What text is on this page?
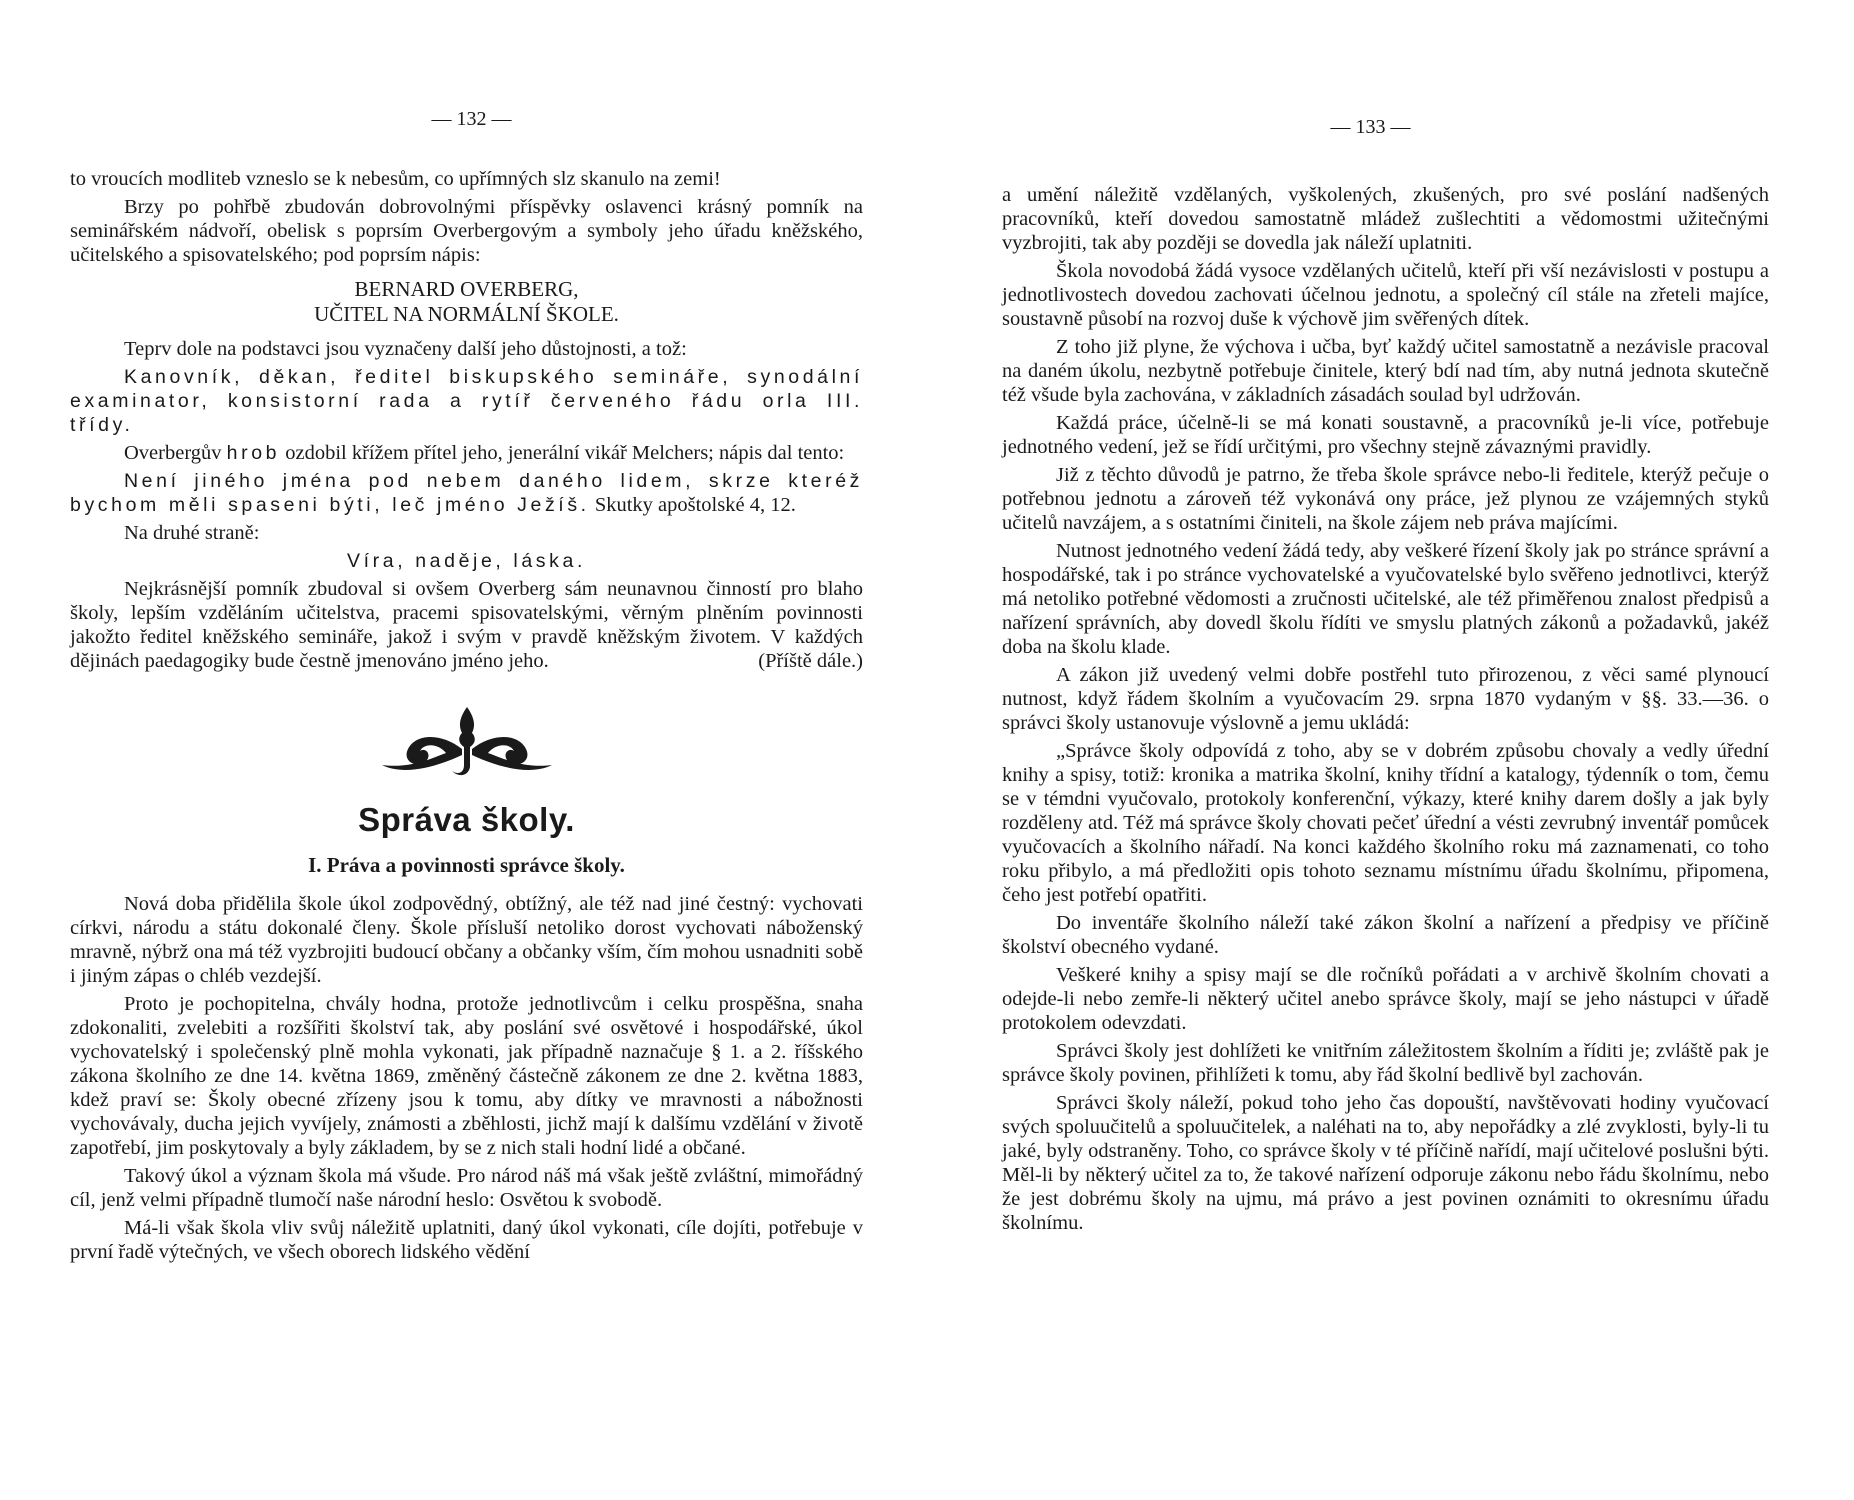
— 132 —

to vroucích modliteb vzneslo se k nebesům, co upřímných slz skanulo na zemi!

Brzy po pohřbě zbudován dobrovolnými příspěvky oslavenci krásný pomník na seminářském nádvoří, obelisk s poprsím Overbergovým a symboly jeho úřadu kněžského, učitelského a spisovatelského; pod poprsím nápis:

BERNARD OVERBERG,
UČITEL NA NORMÁLNÍ ŠKOLE.

Teprv dole na podstavci jsou vyznačeny další jeho důstojnosti, a tož:

Kanovník, děkan, ředitel biskupského semináře, synodální examinator, konsistorní rada a rytíř červeného řádu orla III. třídy.

Overbergův hrob ozdobil křížem přítel jeho, jenerální vikář Melchers; nápis dal tento:

Není jiného jména pod nebem daného lidem, skrze kteréž bychom měli spaseni býti, leč jméno Ježíš. Skutky apoštolské 4, 12.

Na druhé straně:

Víra, naděje, láska.

Nejkrásnější pomník zbudoval si ovšem Overberg sám neunavnou činností pro blaho školy, lepším vzděláním učitelstva, pracemi spisovatelskými, věrným plněním povinnosti jakožto ředitel kněžského semináře, jakož i svým v pravdě kněžským životem. V každých dějinách paedagogiky bude čestně jmenováno jméno jeho.	(Příště dále.)

Správa školy.
I. Práva a povinnosti správce školy.

Nová doba přidělila škole úkol zodpovědný, obtížný, ale též nad jiné čestný: vychovati církvi, národu a státu dokonalé členy. Škole přísluší netoliko dorost vychovati náboženský mravně, nýbrž ona má též vyzbrojiti budoucí občany a občanky vším, čím mohou usnadniti sobě i jiným zápas o chléb vezdejší.

Proto je pochopitelna, chvály hodna, protože jednotlivcům i celku prospěšna, snaha zdokonaliti, zvelebiti a rozšířiti školství tak, aby poslání své osvětové i hospodářské, úkol vychovatelský i společenský plně mohla vykonati, jak případně naznačuje § 1. a 2. říšského zákona školního ze dne 14. května 1869, změněný částečně zákonem ze dne 2. května 1883, kdež praví se: Školy obecné zřízeny jsou k tomu, aby dítky ve mravnosti a nábožnosti vychovávaly, ducha jejich vyvíjely, známosti a zběhlosti, jichž mají k dalšímu vzdělání v životě zapotřebí, jim poskytovaly a byly základem, by se z nich stali hodní lidé a občané.

Takový úkol a význam škola má všude. Pro národ náš má však ještě zvláštní, mimořádný cíl, jenž velmi případně tlumočí naše národní heslo: Osvětou k svobodě.

Má-li však škola vliv svůj náležitě uplatniti, daný úkol vykonati, cíle dojíti, potřebuje v první řadě výtečných, ve všech oborech lidského vědění

— 133 —

a umění náležitě vzdělaných, vyškolených, zkušených, pro své poslání nadšených pracovníků, kteří dovedou samostatně mládež zušlechtiti a vědomostmi užitečnými vyzbrojiti, tak aby později se dovedla jak náleží uplatniti.

Škola novodobá žádá vysoce vzdělaných učitelů, kteří při vší nezávislosti v postupu a jednotlivostech dovedou zachovati účelnou jednotu, a společný cíl stále na zřeteli majíce, soustavně působí na rozvoj duše k výchově jim svěřených dítek.

Z toho již plyne, že výchova i učba, byť každý učitel samostatně a nezávisle pracoval na daném úkolu, nezbytně potřebuje činitele, který bdí nad tím, aby nutná jednota skutečně též všude byla zachována, v základních zásadách soulad byl udržován.

Každá práce, účelně-li se má konati soustavně, a pracovníků je-li více, potřebuje jednotného vedení, jež se řídí určitými, pro všechny stejně závaznými pravidly.

Již z těchto důvodů je patrno, že třeba škole správce nebo-li ředitele, kterýž pečuje o potřebnou jednotu a zároveň též vykonává ony práce, jež plynou ze vzájemných styků učitelů navzájem, a s ostatními činiteli, na škole zájem neb práva majícími.

Nutnost jednotného vedení žádá tedy, aby veškeré řízení školy jak po stránce správní a hospodářské, tak i po stránce vychovatelské a vyučovatelské bylo svěřeno jednotlivci, kterýž má netoliko potřebné vědomosti a zručnosti učitelské, ale též přiměřenou znalost předpisů a nařízení správních, aby dovedl školu řídíti ve smyslu platných zákonů a požadavků, jakéž doba na školu klade.

A zákon již uvedený velmi dobře postřehl tuto přirozenou, z věci samé plynoucí nutnost, když řádem školním a vyučovacím 29. srpna 1870 vydaným v §§. 33.—36. o správci školy ustanovuje výslovně a jemu ukládá:

„Správce školy odpovídá z toho, aby se v dobrém způsobu chovaly a vedly úřední knihy a spisy, totiž: kronika a matrika školní, knihy třídní a katalogy, týdenník o tom, čemu se v témdni vyučovalo, protokoly konferenční, výkazy, které knihy darem došly a jak byly rozděleny atd. Též má správce školy chovati pečeť úřední a vésti zevrubný inventář pomůcek vyučovacích a školního nářadí. Na konci každého školního roku má zaznamenati, co toho roku přibylo, a má předložiti opis tohoto seznamu místnímu úřadu školnímu, připomena, čeho jest potřebí opatřiti.

Do inventáře školního náleží také zákon školní a nařízení a předpisy ve příčině školství obecného vydané.

Veškeré knihy a spisy mají se dle ročníků pořádati a v archivě školním chovati a odejde-li nebo zemře-li některý učitel anebo správce školy, mají se jeho nástupci v úřadě protokolem odevzdati.

Správci školy jest dohlížeti ke vnitřním záležitostem školním a říditi je; zvláště pak je správce školy povinen, přihlížeti k tomu, aby řád školní bedlivě byl zachován.

Správci školy náleží, pokud toho jeho čas dopouští, navštěvovati hodiny vyučovací svých spoluučitelů a spoluučitelek, a naléhati na to, aby nepořádky a zlé zvyklosti, byly-li tu jaké, byly odstraněny. Toho, co správce školy v té příčině nařídí, mají učitelové poslušni býti. Měl-li by některý učitel za to, že takové nařízení odporuje zákonu nebo řádu školnímu, nebo že jest dobrému školy na ujmu, má právo a jest povinen oznámiti to okresnímu úřadu školnímu.
